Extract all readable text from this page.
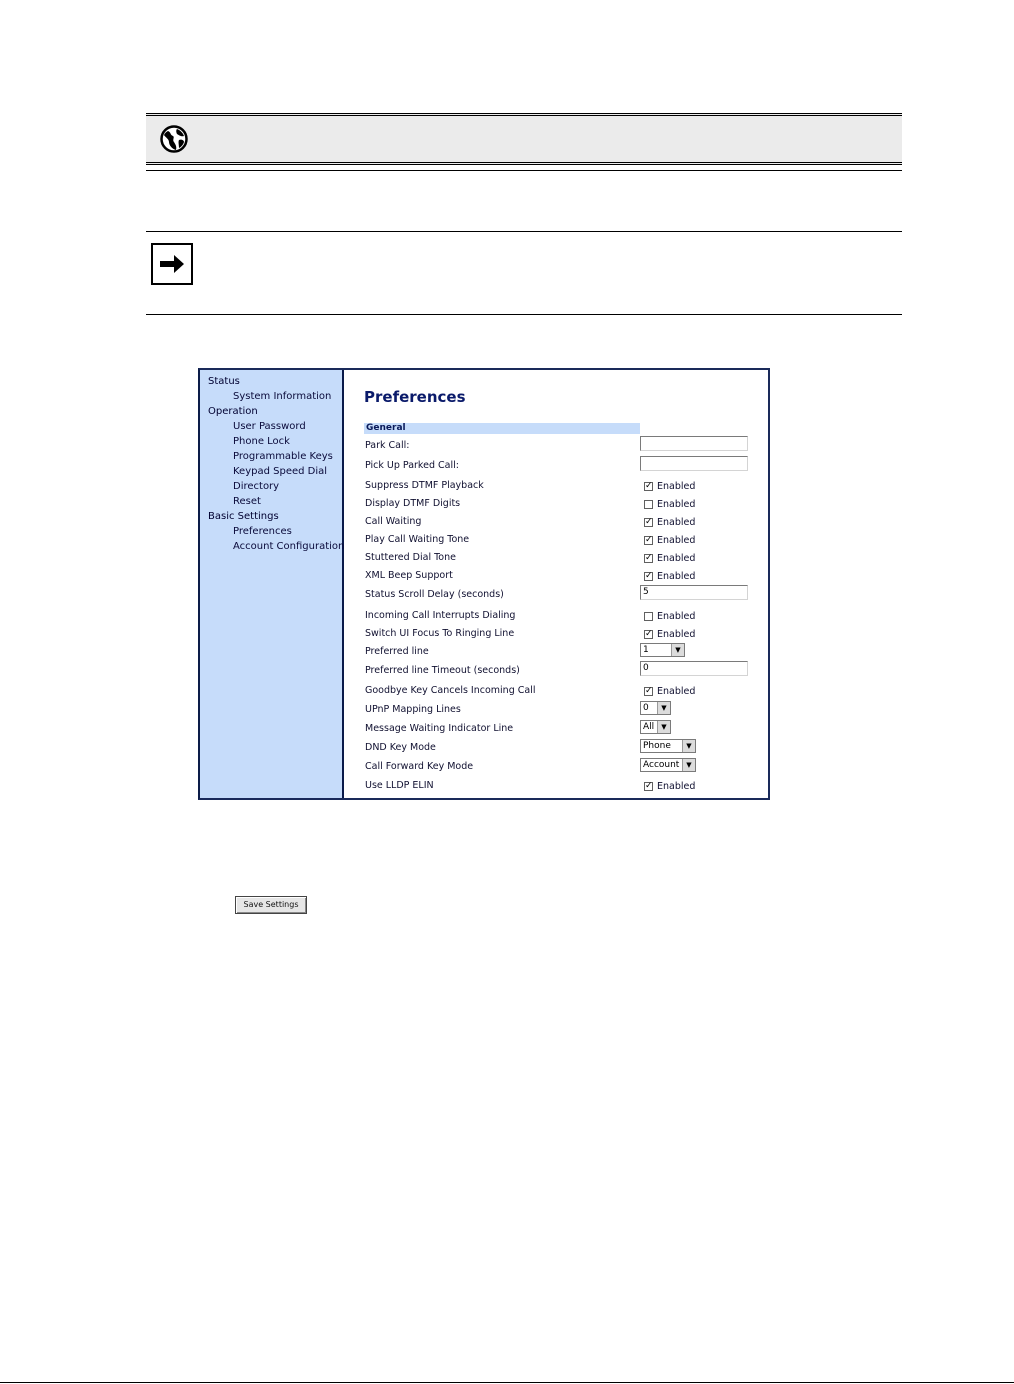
Status
System Information
Operation
User Password
Phone Lock
Programmable Keys
Keypad Speed Dial
Directory
Reset
Basic Settings
Preferences
Account Configuration
Preferences
General
Park Call:
Pick Up Parked Call:
Suppress DTMF Playback	✓ Enabled
Display DTMF Digits	Enabled
Call Waiting	✓ Enabled
Play Call Waiting Tone	✓ Enabled
Stuttered Dial Tone	✓ Enabled
XML Beep Support	✓ Enabled
Status Scroll Delay (seconds)	5
Incoming Call Interrupts Dialing	Enabled
Switch UI Focus To Ringing Line	✓ Enabled
Preferred line	1	▼
Preferred line Timeout (seconds)	0
Goodbye Key Cancels Incoming Call	✓ Enabled
UPnP Mapping Lines	0	▼
Message Waiting Indicator Line	All	▼
DND Key Mode	Phone	▼
Call Forward Key Mode	Account ▼
Use LLDP ELIN	✓ Enabled
Save Settings
